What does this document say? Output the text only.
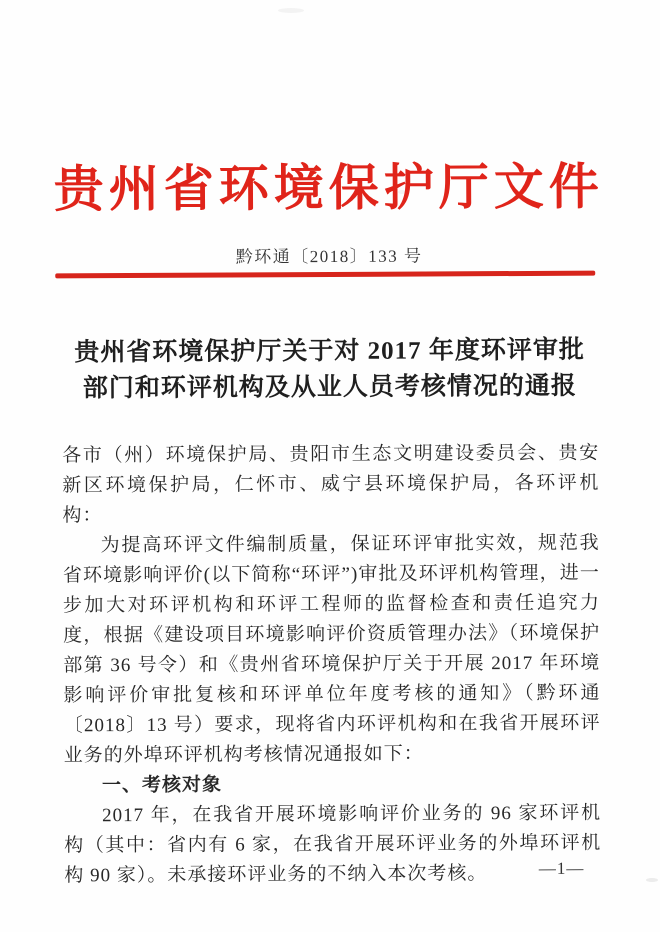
贵州省环境保护厅文件
黔环通〔2018〕133 号
贵州省环境保护厅关于对 2017 年度环评审批
部门和环评机构及从业人员考核情况的通报

各市（州）环境保护局、贵阳市生态文明建设委员会、贵安新区环境保护局，仁怀市、威宁县环境保护局，各环评机构：

为提高环评文件编制质量，保证环评审批实效，规范我省环境影响评价(以下简称“环评”)审批及环评机构管理，进一步加大对环评机构和环评工程师的监督检查和责任追究力度，根据《建设项目环境影响评价资质管理办法》（环境保护部第 36 号令）和《贵州省环境保护厅关于开展 2017 年环境影响评价审批复核和环评单位年度考核的通知》（黔环通〔2018〕13 号）要求，现将省内环评机构和在我省开展环评业务的外埠环评机构考核情况通报如下：

一、考核对象

2017 年，在我省开展环境影响评价业务的 96 家环评机构（其中：省内有 6 家，在我省开展环评业务的外埠环评机构 90 家）。未承接环评业务的不纳入本次考核。	—1—
